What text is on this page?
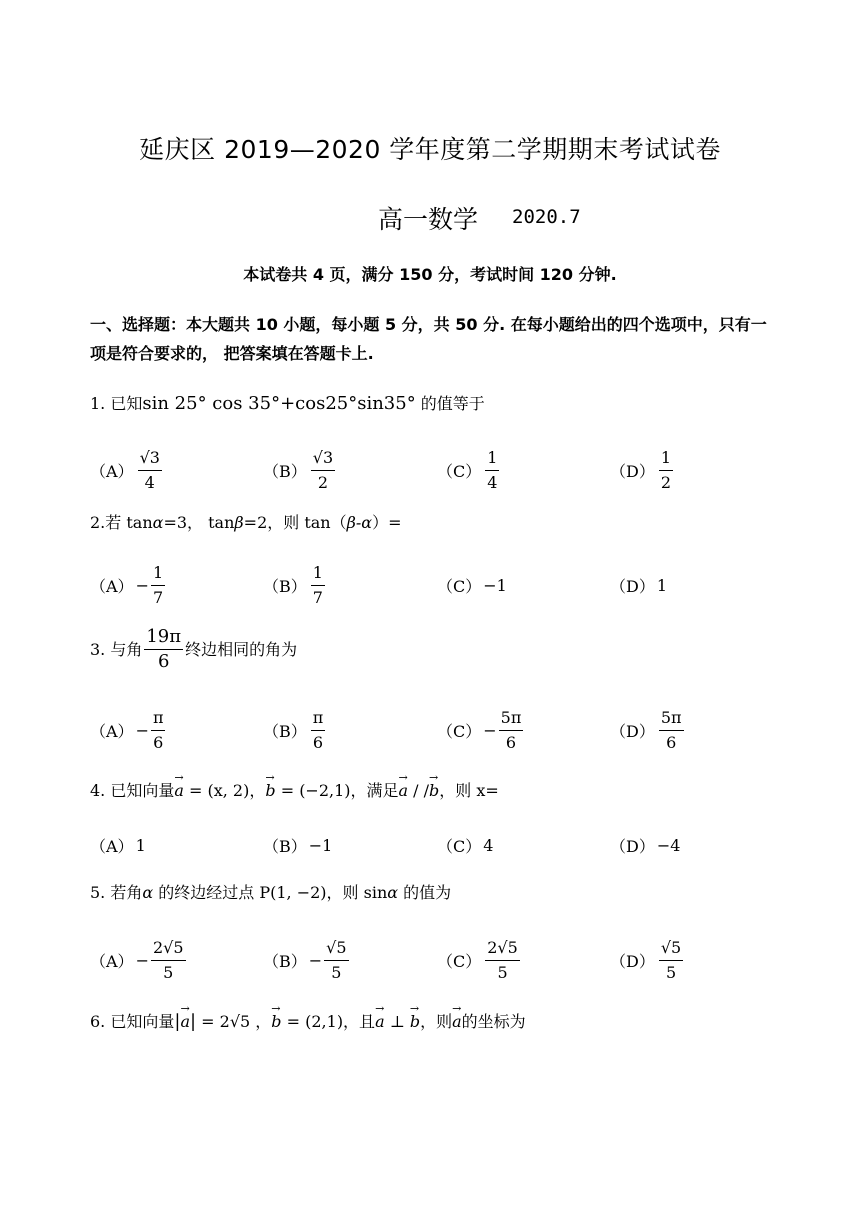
延庆区 2019—2020 学年度第二学期期末考试试卷
高一数学 2020.7
本试卷共 4 页，满分 150 分，考试时间 120 分钟.
一、选择题：本大题共 10 小题，每小题 5 分，共 50 分. 在每小题给出的四个选项中，只有一项是符合要求的， 把答案填在答题卡上.
1. 已知sin 25° cos 35°+cos25°sin35° 的值等于
$(A) \frac{√3}{4}$	$(B) \frac{√3}{2}$	$(C) \frac{1}{4}$	$(D) \frac{1}{2}$
2.若 tanα=3， tanβ=2，则 tan（β-α）=
$(A) - \frac{1}{7}$	$(B) \frac{1}{7}$	（C） −1	（D） 1
3. 与角 $\frac{19\pi}{6}$ 终边相同的角为
$(A) - \frac{\pi}{6}$	$(B) \frac{\pi}{6}$	$(C) - \frac{5\pi}{6}$	$(D) \frac{5\pi}{6}$
4. 已知向量→ a = (x, 2)，→ b = (−2,1)，满足→ a / /→ b，则 x=
（A） 1	（B） −1	（C） 4	（D） −4
5. 若角α 的终边经过点 P(1, −2)，则 sinα 的值为
$(A) - \frac{2√5}{5}$	$(B) - \frac{√5}{5}$	$(C) \frac{2√5}{5}$	$(D) \frac{√5}{5}$
6. 已知向量|→ a| = 2√5 ，→ b = (2,1)，且→ a ⊥ → b，则→ a的坐标为
